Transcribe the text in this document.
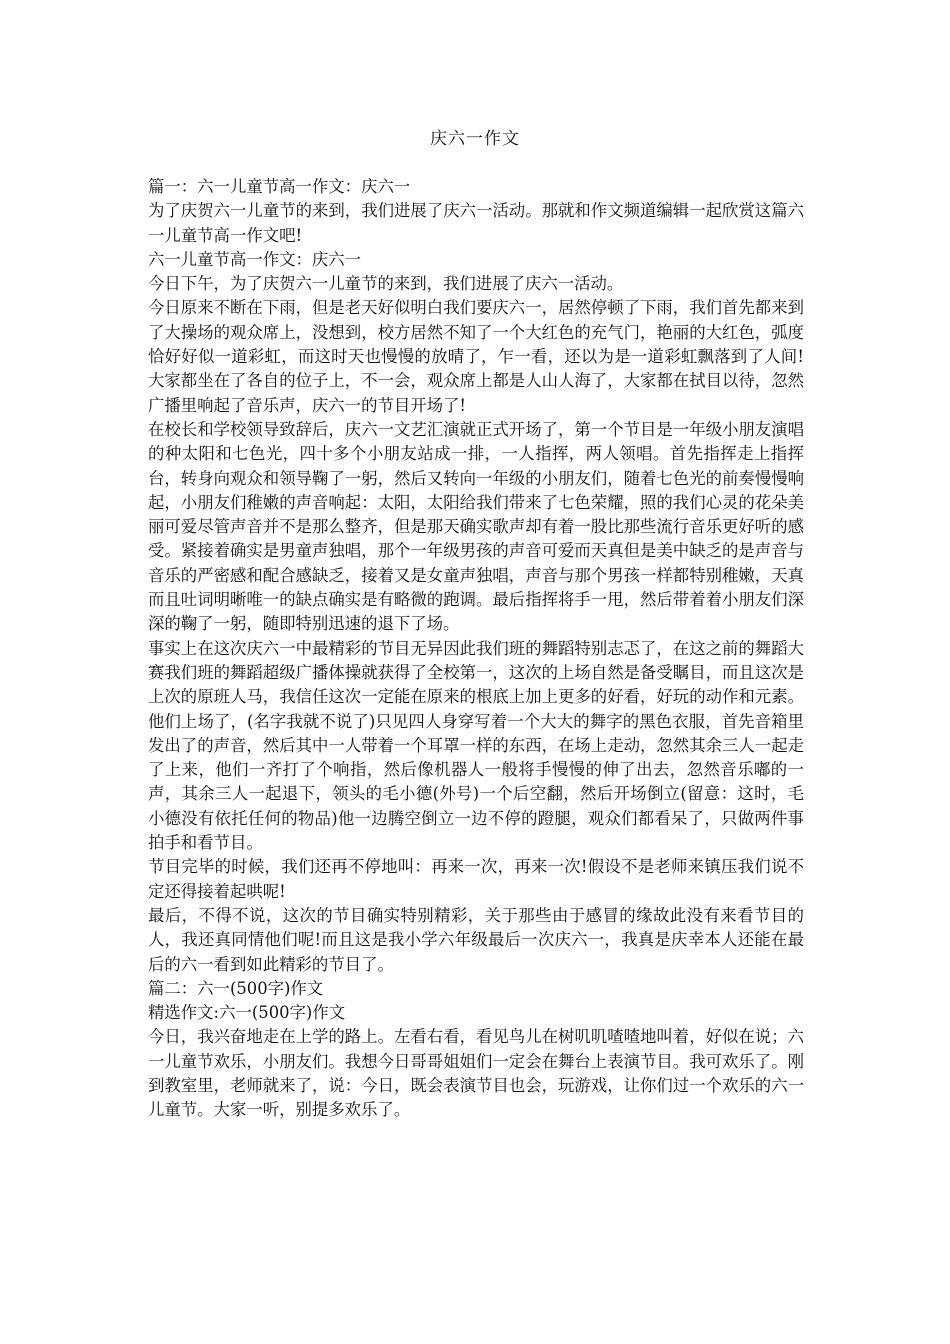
庆六一作文

篇一：六一儿童节高一作文：庆六一

为了庆贺六一儿童节的来到，我们进展了庆六一活动。那就和作文频道编辑一起欣赏这篇六一儿童节高一作文吧!

六一儿童节高一作文：庆六一

今日下午，为了庆贺六一儿童节的来到，我们进展了庆六一活动。

今日原来不断在下雨，但是老天好似明白我们要庆六一，居然停顿了下雨，我们首先都来到了大操场的观众席上，没想到，校方居然不知了一个大红色的充气门，艳丽的大红色，弧度恰好好似一道彩虹，而这时天也慢慢的放晴了，乍一看，还以为是一道彩虹飘落到了人间!大家都坐在了各自的位子上，不一会，观众席上都是人山人海了，大家都在拭目以待，忽然广播里响起了音乐声，庆六一的节目开场了!

在校长和学校领导致辞后，庆六一文艺汇演就正式开场了，第一个节目是一年级小朋友演唱的种太阳和七色光，四十多个小朋友站成一排，一人指挥，两人领唱。首先指挥走上指挥台，转身向观众和领导鞠了一躬，然后又转向一年级的小朋友们，随着七色光的前奏慢慢响起，小朋友们稚嫩的声音响起：太阳，太阳给我们带来了七色荣耀，照的我们心灵的花朵美丽可爱尽管声音并不是那么整齐，但是那天确实歌声却有着一股比那些流行音乐更好听的感受。紧接着确实是男童声独唱，那个一年级男孩的声音可爱而天真但是美中缺乏的是声音与音乐的严密感和配合感缺乏，接着又是女童声独唱，声音与那个男孩一样都特别稚嫩，天真而且吐词明晰唯一的缺点确实是有略微的跑调。最后指挥将手一甩，然后带着着小朋友们深深的鞠了一躬，随即特别迅速的退下了场。

事实上在这次庆六一中最精彩的节目无异因此我们班的舞蹈特别志忑了，在这之前的舞蹈大赛我们班的舞蹈超级广播体操就获得了全校第一，这次的上场自然是备受瞩目，而且这次是上次的原班人马，我信任这次一定能在原来的根底上加上更多的好看，好玩的动作和元素。 他们上场了，(名字我就不说了)只见四人身穿写着一个大大的舞字的黑色衣服，首先音箱里发出了的声音，然后其中一人带着一个耳罩一样的东西，在场上走动，忽然其余三人一起走了上来，他们一齐打了个响指，然后像机器人一般将手慢慢的伸了出去，忽然音乐嘟的一声，其余三人一起退下，领头的毛小德(外号)一个后空翻，然后开场倒立(留意：这时，毛小德没有依托任何的物品)他一边腾空倒立一边不停的蹬腿，观众们都看呆了，只做两件事拍手和看节目。

节目完毕的时候，我们还再不停地叫：再来一次，再来一次!假设不是老师来镇压我们说不定还得接着起哄呢!

最后，不得不说，这次的节目确实特别精彩，关于那些由于感冒的缘故此没有来看节目的人，我还真同情他们呢!而且这是我小学六年级最后一次庆六一，我真是庆幸本人还能在最后的六一看到如此精彩的节目了。

篇二：六一(500字)作文

精选作文:六一(500字)作文

今日，我兴奋地走在上学的路上。左看右看，看见鸟儿在树叽叽喳喳地叫着，好似在说；六一儿童节欢乐，小朋友们。我想今日哥哥姐姐们一定会在舞台上表演节目。我可欢乐了。刚到教室里，老师就来了，说：今日，既会表演节目也会，玩游戏，让你们过一个欢乐的六一儿童节。大家一听，别提多欢乐了。
